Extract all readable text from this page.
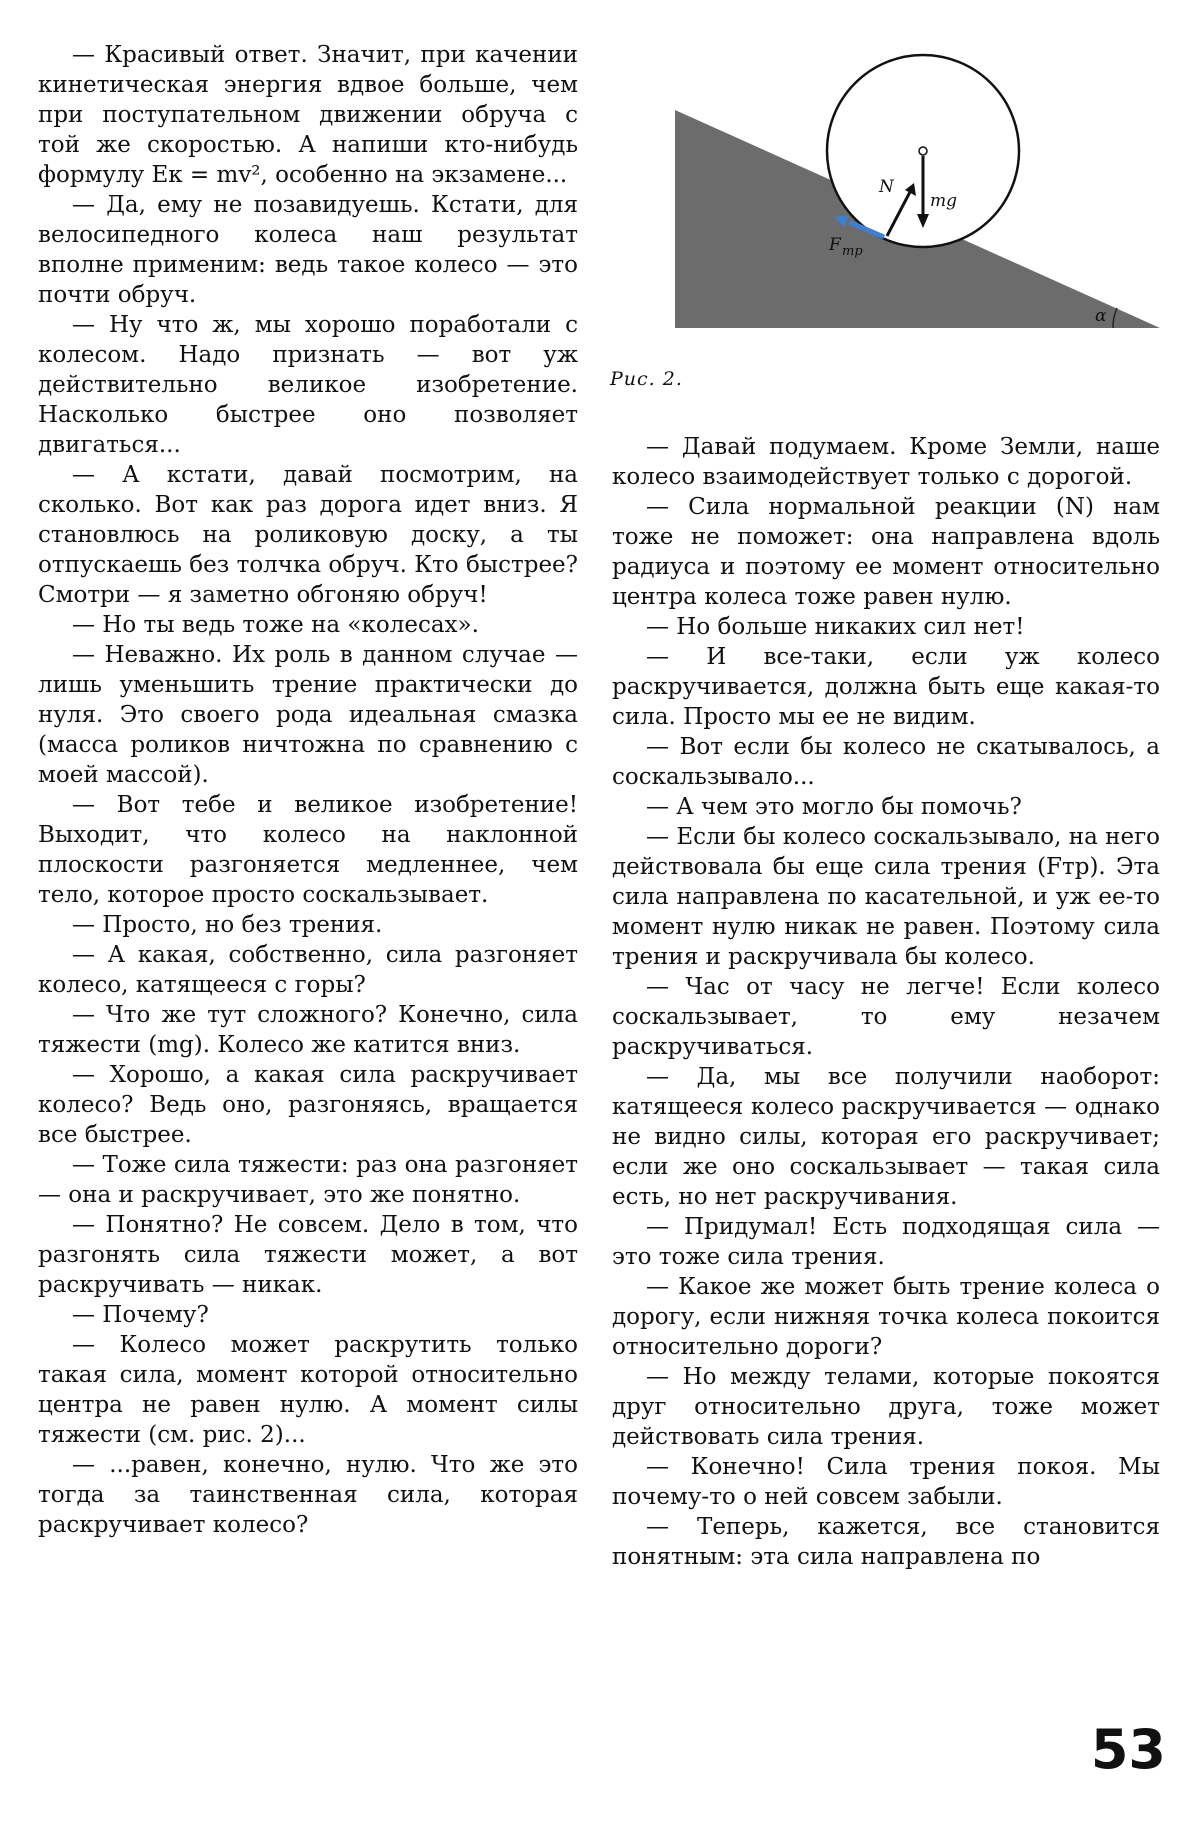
— Красивый ответ. Значит, при качении кинетическая энергия вдвое больше, чем при поступательном движении обруча с той же скоростью. А напиши кто-нибудь формулу Eк = mv², особенно на экзамене...

— Да, ему не позавидуешь. Кстати, для велосипедного колеса наш результат вполне применим: ведь такое колесо — это почти обруч.

— Ну что ж, мы хорошо поработали с колесом. Надо признать — вот уж действительно великое изобретение. Насколько быстрее оно позволяет двигаться...

— А кстати, давай посмотрим, на сколько. Вот как раз дорога идет вниз. Я становлюсь на роликовую доску, а ты отпускаешь без толчка обруч. Кто быстрее? Смотри — я заметно обгоняю обруч!

— Но ты ведь тоже на «колесах».

— Неважно. Их роль в данном случае — лишь уменьшить трение практически до нуля. Это своего рода идеальная смазка (масса роликов ничтожна по сравнению с моей массой).

— Вот тебе и великое изобретение! Выходит, что колесо на наклонной плоскости разгоняется медленнее, чем тело, которое просто соскальзывает.

— Просто, но без трения.

— А какая, собственно, сила разгоняет колесо, катящееся с горы?

— Что же тут сложного? Конечно, сила тяжести (mg). Колесо же катится вниз.

— Хорошо, а какая сила раскручивает колесо? Ведь оно, разгоняясь, вращается все быстрее.

— Тоже сила тяжести: раз она разгоняет — она и раскручивает, это же понятно.

— Понятно? Не совсем. Дело в том, что разгонять сила тяжести может, а вот раскручивать — никак.

— Почему?

— Колесо может раскрутить только такая сила, момент которой относительно центра не равен нулю. А момент силы тяжести (см. рис. 2)...

— ...равен, конечно, нулю. Что же это тогда за таинственная сила, которая раскручивает колесо?

N
mg
F тр
α
Рис. 2.

— Давай подумаем. Кроме Земли, наше колесо взаимодействует только с дорогой.

— Сила нормальной реакции (N) нам тоже не поможет: она направлена вдоль радиуса и поэтому ее момент относительно центра колеса тоже равен нулю.

— Но больше никаких сил нет!

— И все-таки, если уж колесо раскручивается, должна быть еще какая-то сила. Просто мы ее не видим.

— Вот если бы колесо не скатывалось, а соскальзывало...

— А чем это могло бы помочь?

— Если бы колесо соскальзывало, на него действовала бы еще сила трения (Fтр). Эта сила направлена по касательной, и уж ее-то момент нулю никак не равен. Поэтому сила трения и раскручивала бы колесо.

— Час от часу не легче! Если колесо соскальзывает, то ему незачем раскручиваться.

— Да, мы все получили наоборот: катящееся колесо раскручивается — однако не видно силы, которая его раскручивает; если же оно соскальзывает — такая сила есть, но нет раскручивания.

— Придумал! Есть подходящая сила — это тоже сила трения.

— Какое же может быть трение колеса о дорогу, если нижняя точка колеса покоится относительно дороги?

— Но между телами, которые покоятся друг относительно друга, тоже может действовать сила трения.

— Конечно! Сила трения покоя. Мы почему-то о ней совсем забыли.

— Теперь, кажется, все становится понятным: эта сила направлена по

53
